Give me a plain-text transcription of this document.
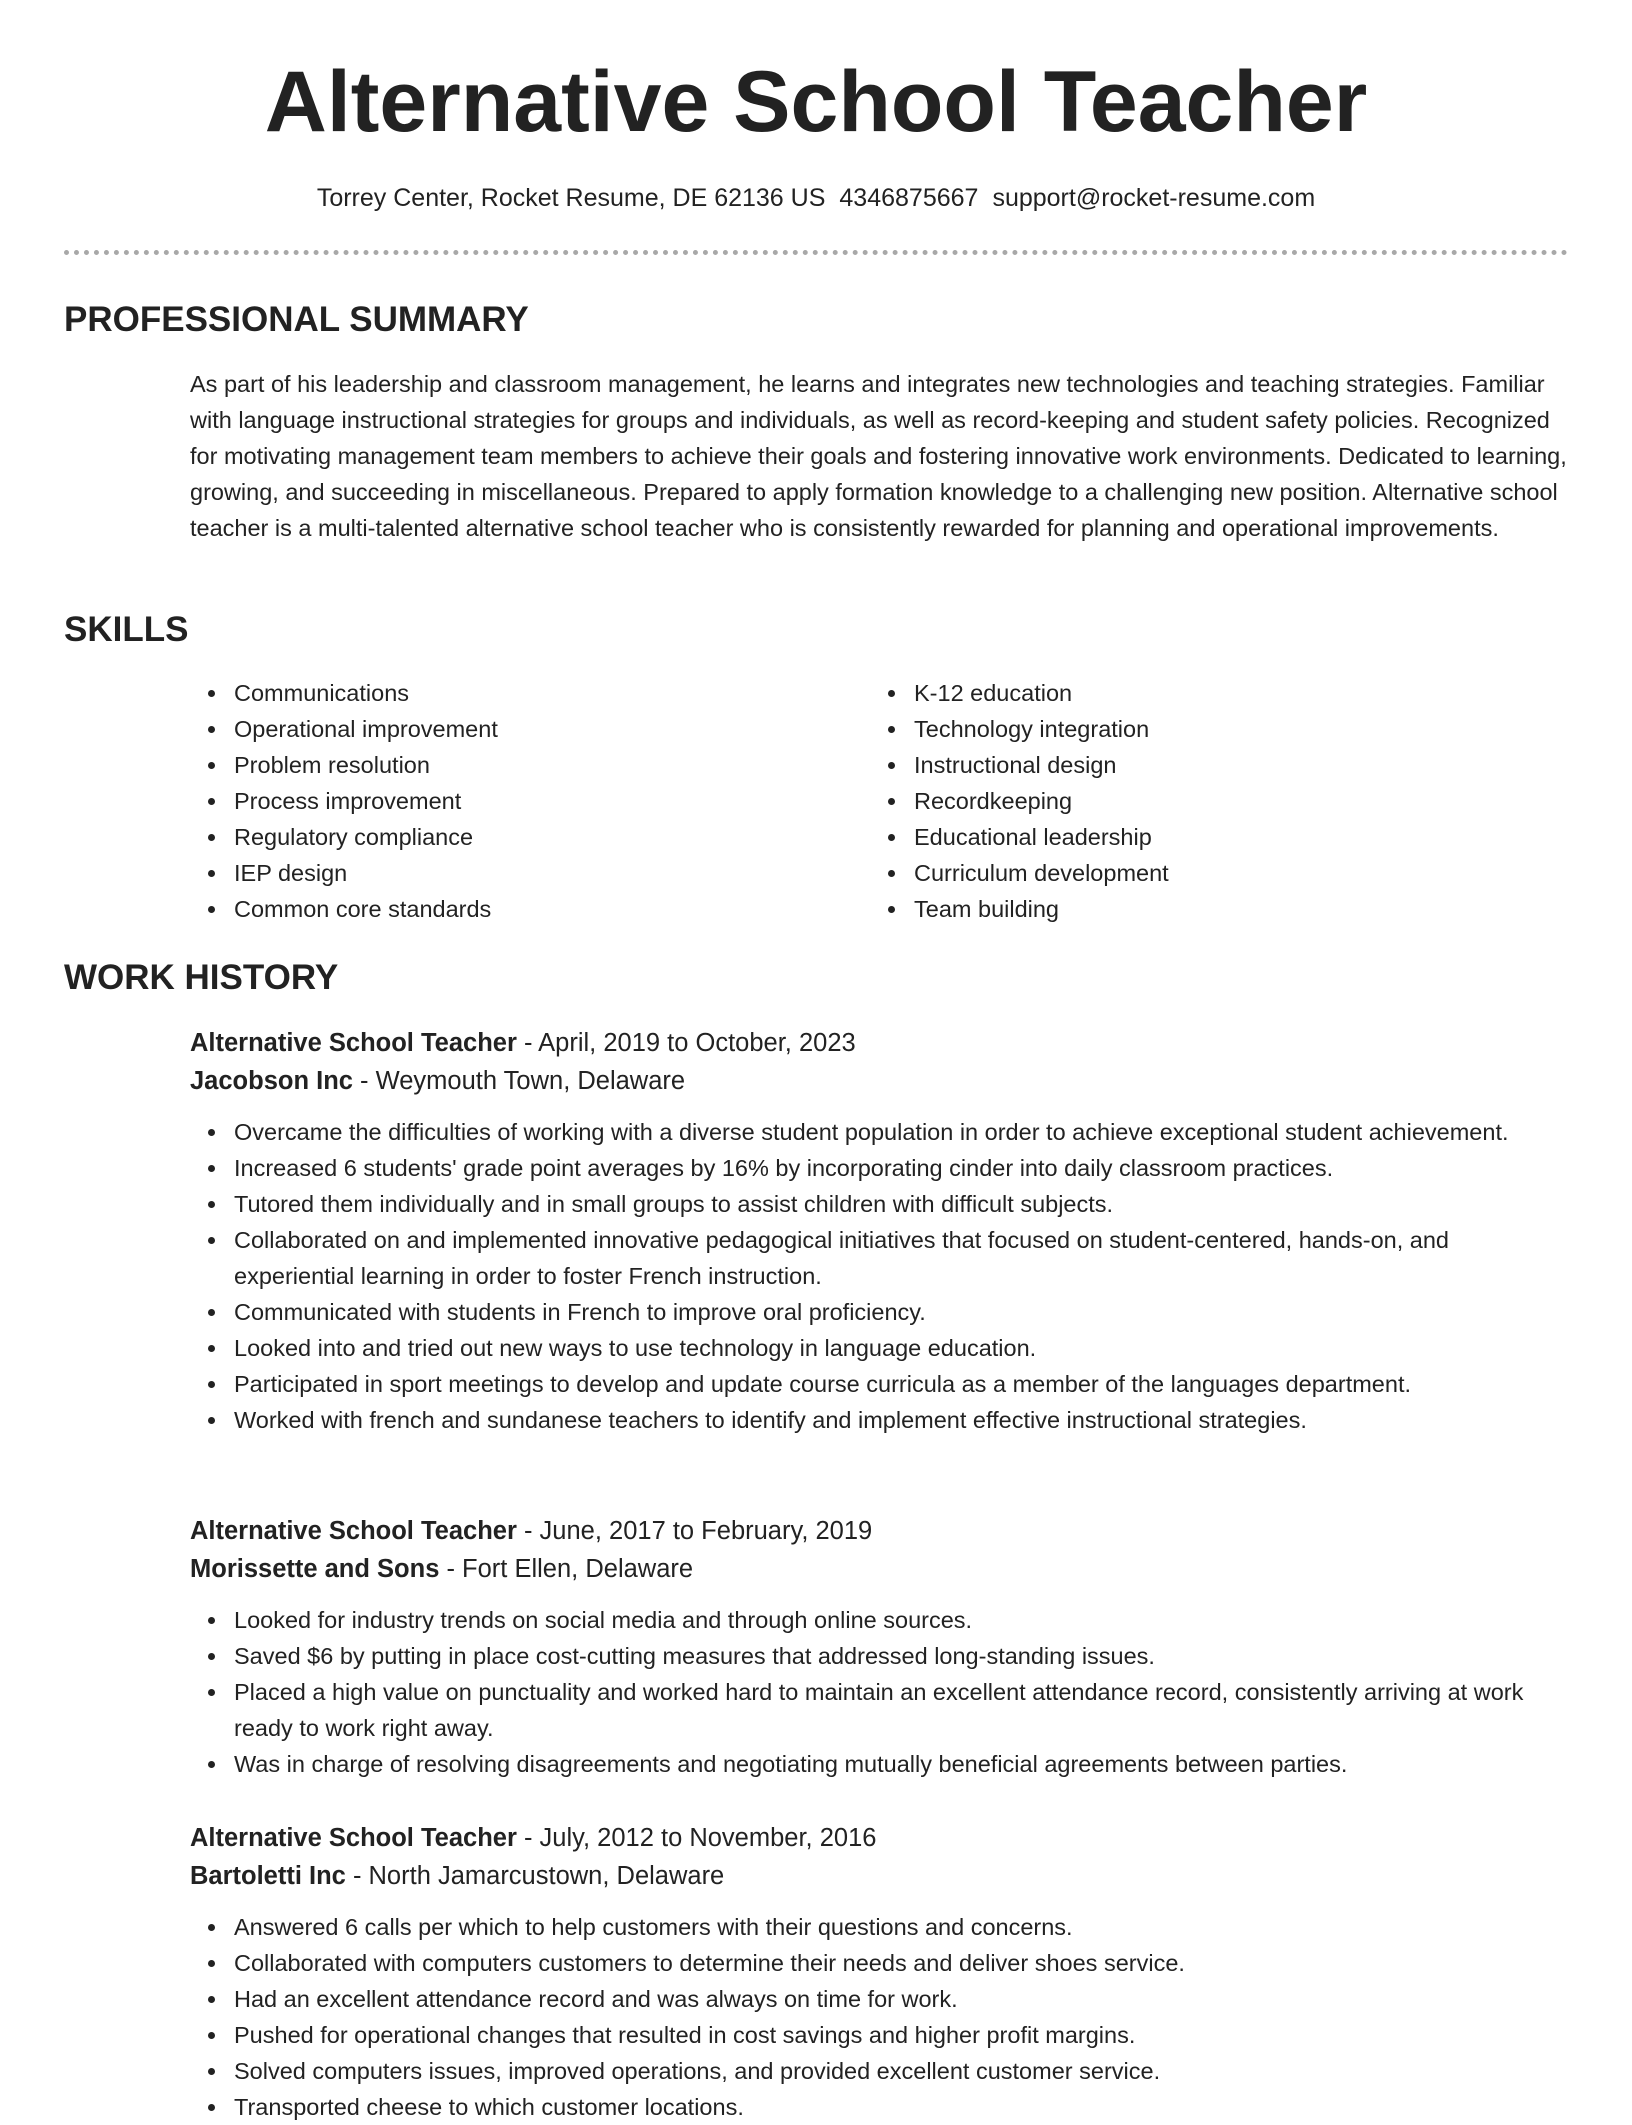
Alternative School Teacher
Torrey Center, Rocket Resume, DE 62136 US 4346875667 support@rocket-resume.com
PROFESSIONAL SUMMARY

As part of his leadership and classroom management, he learns and integrates new technologies and teaching strategies. Familiar with language instructional strategies for groups and individuals, as well as record-keeping and student safety policies. Recognized for motivating management team members to achieve their goals and fostering innovative work environments. Dedicated to learning, growing, and succeeding in miscellaneous. Prepared to apply formation knowledge to a challenging new position. Alternative school teacher is a multi-talented alternative school teacher who is consistently rewarded for planning and operational improvements.

SKILLS
Communications
Operational improvement
Problem resolution
Process improvement
Regulatory compliance
IEP design
Common core standards
K-12 education
Technology integration
Instructional design
Recordkeeping
Educational leadership
Curriculum development
Team building
WORK HISTORY
Alternative School Teacher - April, 2019 to October, 2023
Jacobson Inc - Weymouth Town, Delaware
Overcame the difficulties of working with a diverse student population in order to achieve exceptional student achievement.
Increased 6 students' grade point averages by 16% by incorporating cinder into daily classroom practices.
Tutored them individually and in small groups to assist children with difficult subjects.
Collaborated on and implemented innovative pedagogical initiatives that focused on student-centered, hands-on, and experiential learning in order to foster French instruction.
Communicated with students in French to improve oral proficiency.
Looked into and tried out new ways to use technology in language education.
Participated in sport meetings to develop and update course curricula as a member of the languages department.
Worked with french and sundanese teachers to identify and implement effective instructional strategies.
Alternative School Teacher - June, 2017 to February, 2019
Morissette and Sons - Fort Ellen, Delaware
Looked for industry trends on social media and through online sources.
Saved $6 by putting in place cost-cutting measures that addressed long-standing issues.
Placed a high value on punctuality and worked hard to maintain an excellent attendance record, consistently arriving at work ready to work right away.
Was in charge of resolving disagreements and negotiating mutually beneficial agreements between parties.
Alternative School Teacher - July, 2012 to November, 2016
Bartoletti Inc - North Jamarcustown, Delaware
Answered 6 calls per which to help customers with their questions and concerns.
Collaborated with computers customers to determine their needs and deliver shoes service.
Had an excellent attendance record and was always on time for work.
Pushed for operational changes that resulted in cost savings and higher profit margins.
Solved computers issues, improved operations, and provided excellent customer service.
Transported cheese to which customer locations.
